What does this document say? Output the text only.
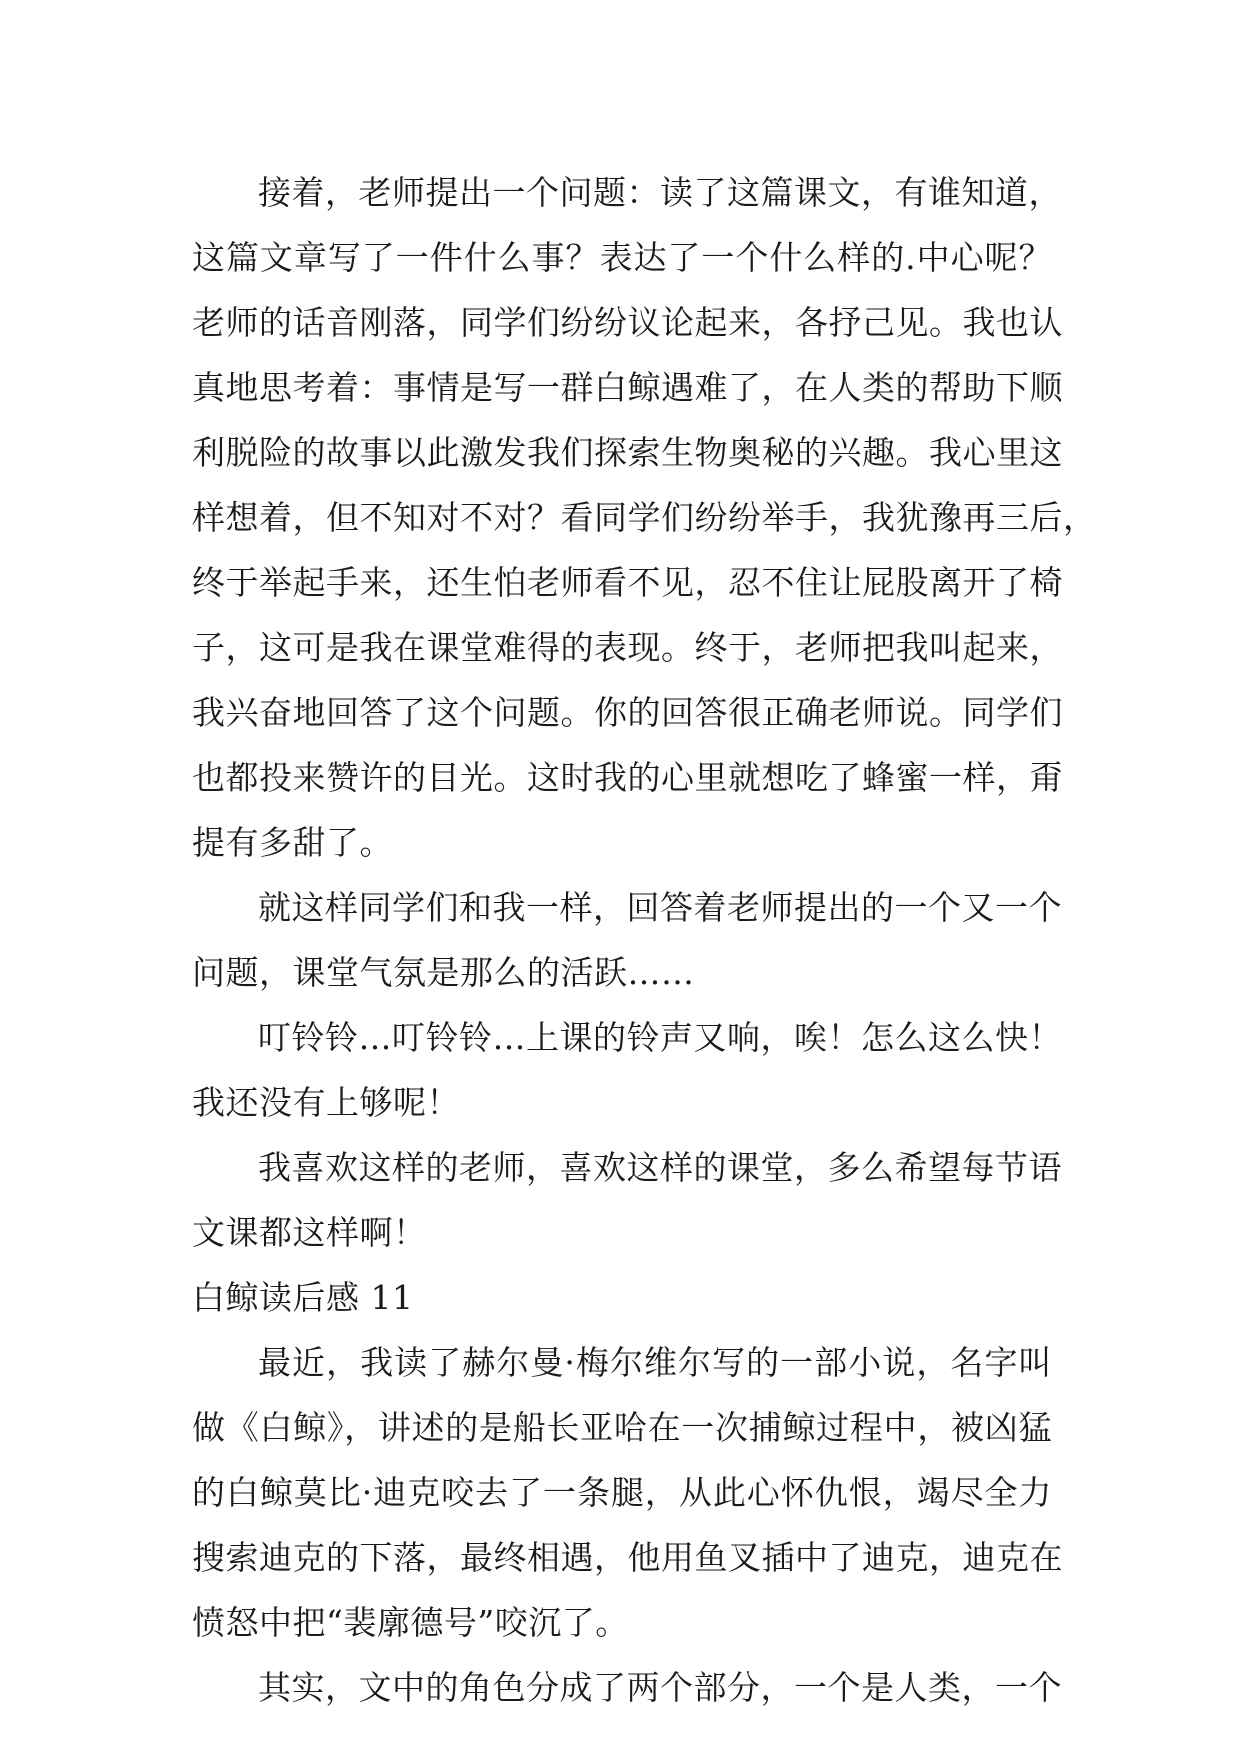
接着，老师提出一个问题：读了这篇课文，有谁知道，
这篇文章写了一件什么事？表达了一个什么样的.中心呢？
老师的话音刚落，同学们纷纷议论起来，各抒己见。我也认
真地思考着：事情是写一群白鲸遇难了，在人类的帮助下顺
利脱险的故事以此激发我们探索生物奥秘的兴趣。我心里这
样想着，但不知对不对？看同学们纷纷举手，我犹豫再三后，
终于举起手来，还生怕老师看不见，忍不住让屁股离开了椅
子，这可是我在课堂难得的表现。终于，老师把我叫起来，
我兴奋地回答了这个问题。你的回答很正确老师说。同学们
也都投来赞许的目光。这时我的心里就想吃了蜂蜜一样，甭
提有多甜了。
就这样同学们和我一样，回答着老师提出的一个又一个
问题，课堂气氛是那么的活跃……
叮铃铃…叮铃铃…上课的铃声又响，唉！怎么这么快！
我还没有上够呢！
我喜欢这样的老师，喜欢这样的课堂，多么希望每节语
文课都这样啊！
白鲸读后感 11
最近，我读了赫尔曼·梅尔维尔写的一部小说，名字叫
做《白鲸》，讲述的是船长亚哈在一次捕鲸过程中，被凶猛
的白鲸莫比·迪克咬去了一条腿，从此心怀仇恨，竭尽全力
搜索迪克的下落，最终相遇，他用鱼叉插中了迪克，迪克在
愤怒中把“裴廓德号”咬沉了。
其实，文中的角色分成了两个部分，一个是人类，一个
